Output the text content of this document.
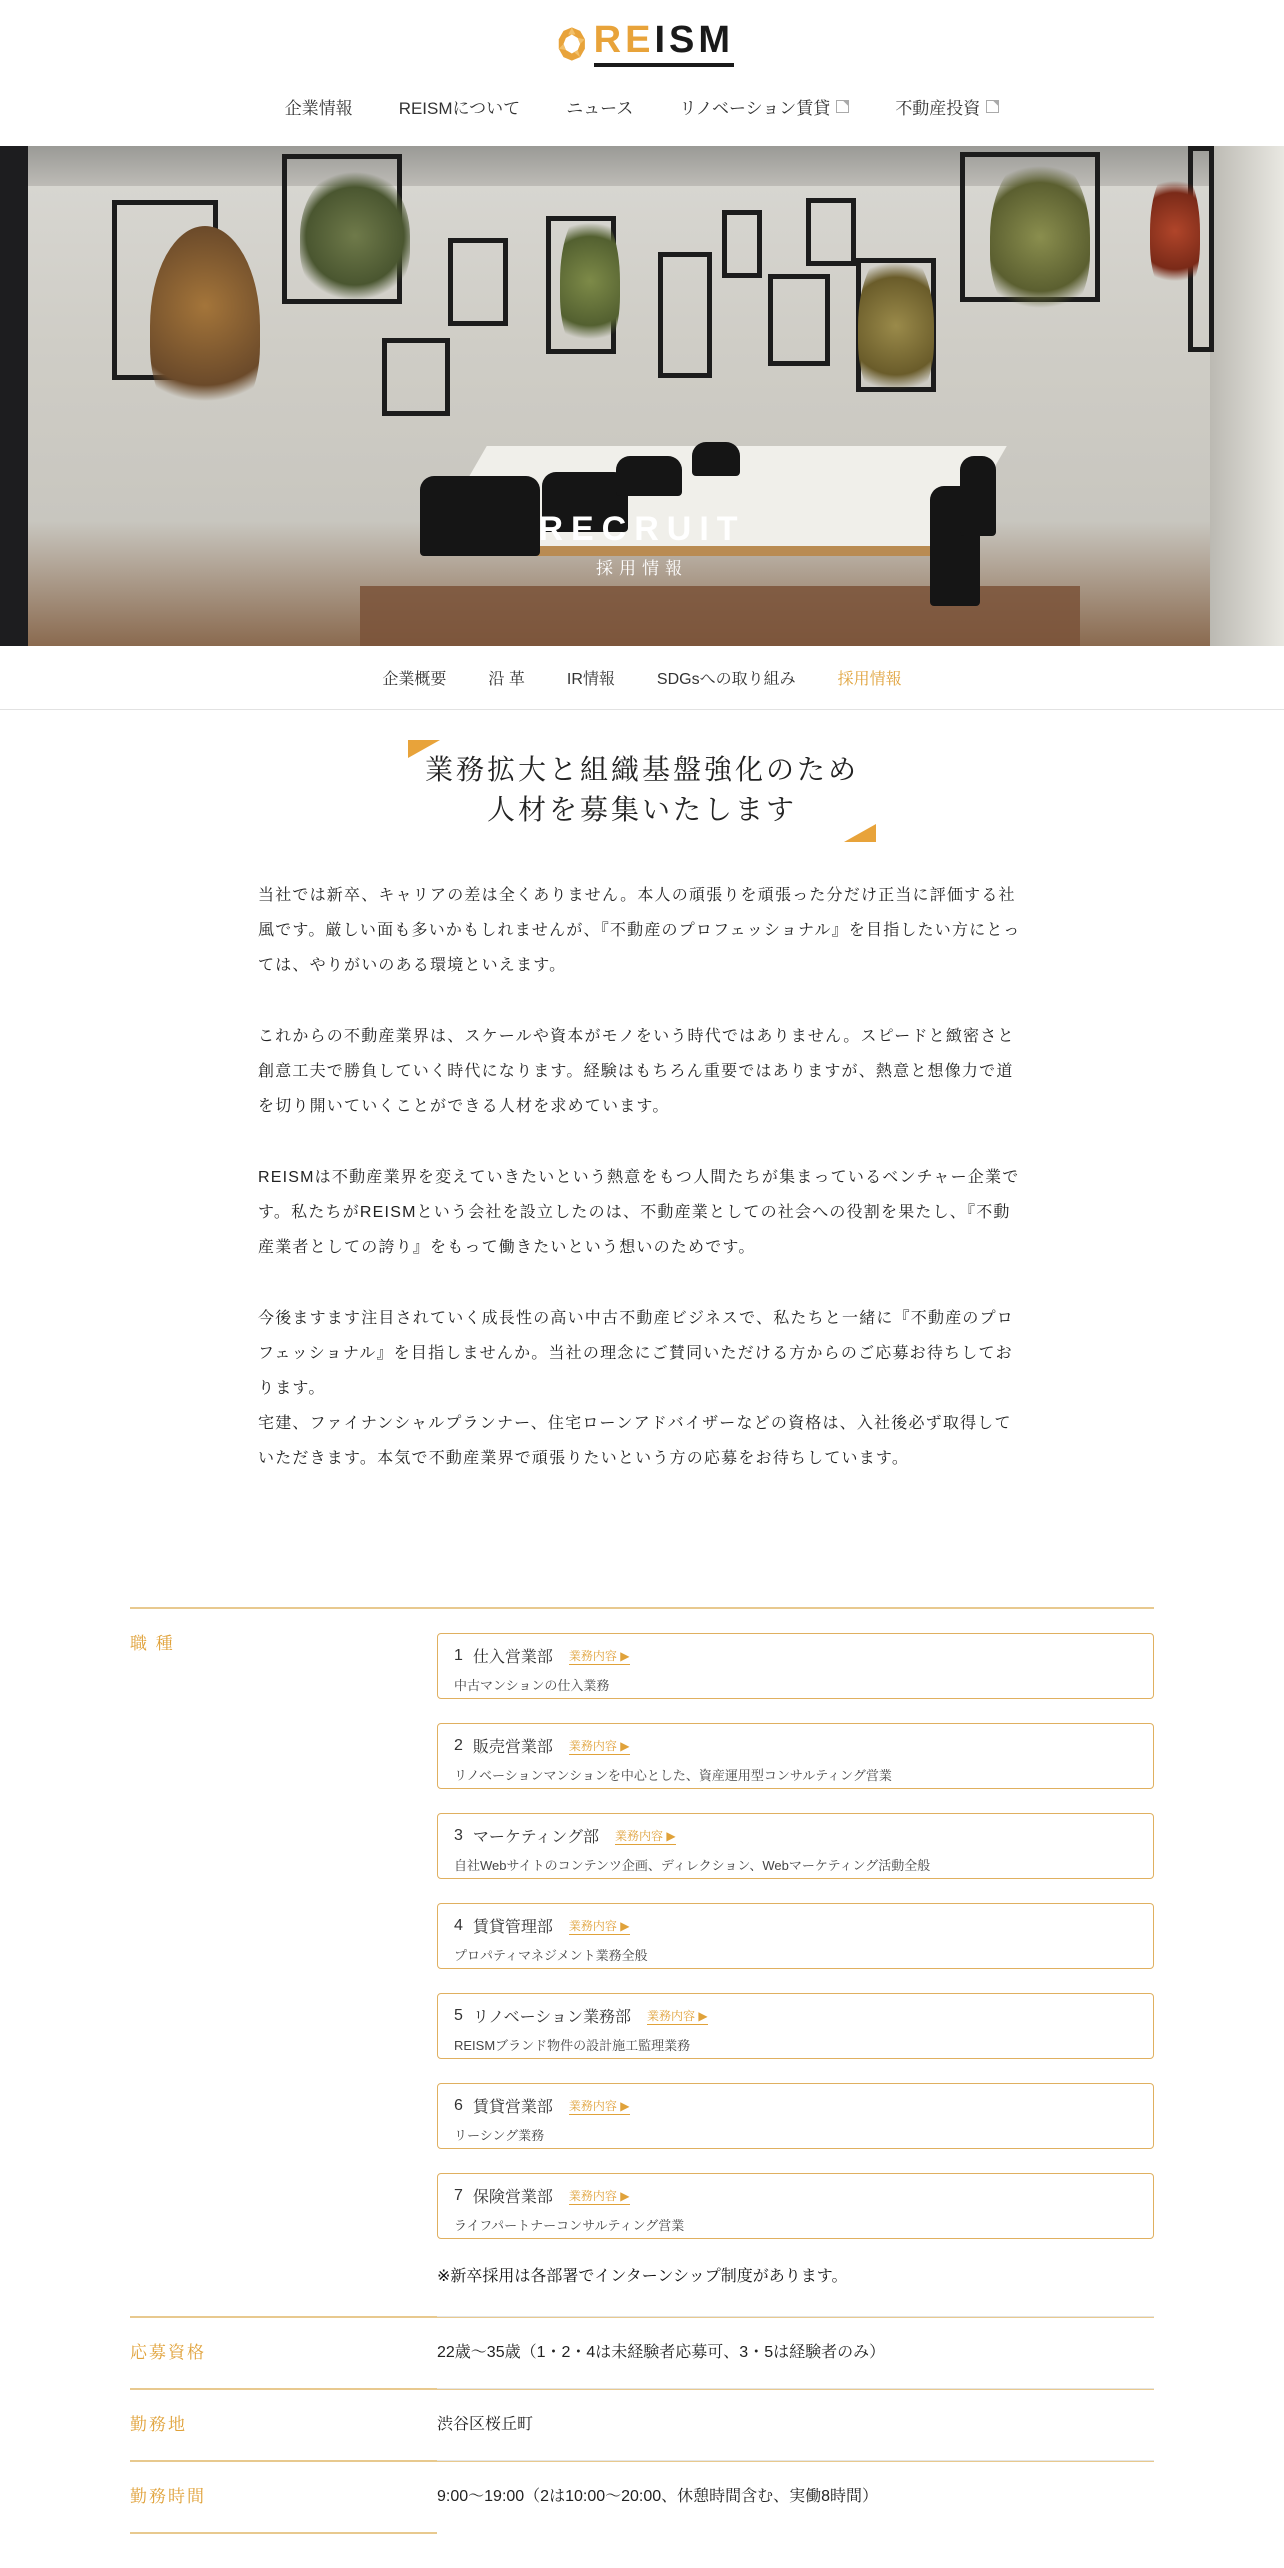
REISM
企業情報	REISMについて	ニュース	リノベーション賃貸	不動産投資
RECRUIT
採用情報
企業概要	沿 革	IR情報	SDGsへの取り組み	採用情報
業務拡大と組織基盤強化のため
人材を募集いたします

当社では新卒、キャリアの差は全くありません。本人の頑張りを頑張った分だけ正当に評価する社風です。厳しい面も多いかもしれませんが、『不動産のプロフェッショナル』を目指したい方にとっては、やりがいのある環境といえます。

これからの不動産業界は、スケールや資本がモノをいう時代ではありません。スピードと緻密さと創意工夫で勝負していく時代になります。経験はもちろん重要ではありますが、熱意と想像力で道を切り開いていくことができる人材を求めています。

REISMは不動産業界を変えていきたいという熱意をもつ人間たちが集まっているベンチャー企業です。私たちがREISMという会社を設立したのは、不動産業としての社会への役割を果たし、『不動産業者としての誇り』をもって働きたいという想いのためです。

今後ますます注目されていく成長性の高い中古不動産ビジネスで、私たちと一緒に『不動産のプロフェッショナル』を目指しませんか。当社の理念にご賛同いただける方からのご応募お待ちしております。

宅建、ファイナンシャルプランナー、住宅ローンアドバイザーなどの資格は、入社後必ず取得していただきます。本気で不動産業界で頑張りたいという方の応募をお待ちしています。

職 種
1 仕入営業部 業務内容 ▶
中古マンションの仕入業務
2 販売営業部 業務内容 ▶
リノベーションマンションを中心とした、資産運用型コンサルティング営業
3 マーケティング部 業務内容 ▶
自社Webサイトのコンテンツ企画、ディレクション、Webマーケティング活動全般
4 賃貸管理部 業務内容 ▶
プロパティマネジメント業務全般
5 リノベーション業務部 業務内容 ▶
REISMブランド物件の設計施工監理業務
6 賃貸営業部 業務内容 ▶
リーシング業務
7 保険営業部 業務内容 ▶
ライフパートナーコンサルティング営業
※新卒採用は各部署でインターンシップ制度があります。
応募資格	22歳～35歳（1・2・4は未経験者応募可、3・5は経験者のみ）
勤務地	渋谷区桜丘町
勤務時間	9:00～19:00（2は10:00～20:00、休憩時間含む、実働8時間）
